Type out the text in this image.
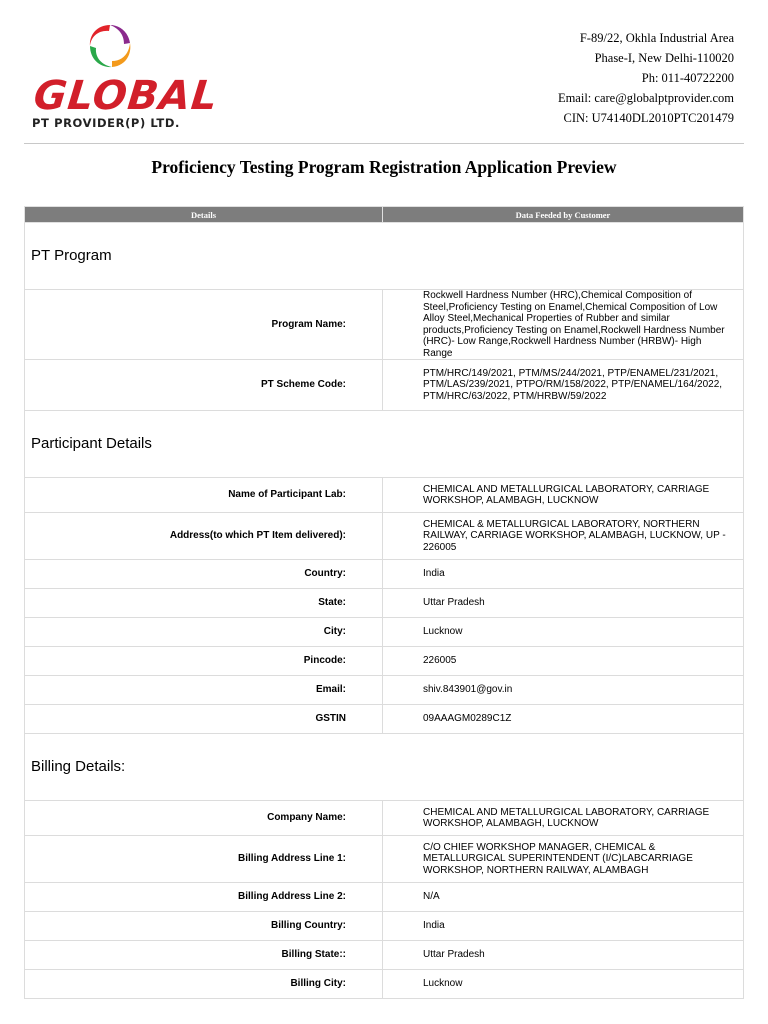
GLOBAL
PT PROVIDER(P) LTD.
F-89/22, Okhla Industrial Area
Phase-I, New Delhi-110020
Ph: 011-40722200
Email: care@globalptprovider.com
CIN: U74140DL2010PTC201479
Proficiency Testing Program Registration Application Preview
Details	Data Feeded by Customer
PT Program	
Program Name:	Rockwell Hardness Number (HRC),Chemical Composition of Steel,Proficiency Testing on Enamel,Chemical Composition of Low Alloy Steel,Mechanical Properties of Rubber and similar products,Proficiency Testing on Enamel,Rockwell Hardness Number (HRC)- Low Range,Rockwell Hardness Number (HRBW)- High Range
PT Scheme Code:	PTM/HRC/149/2021, PTM/MS/244/2021, PTP/ENAMEL/231/2021, PTM/LAS/239/2021, PTPO/RM/158/2022, PTP/ENAMEL/164/2022, PTM/HRC/63/2022, PTM/HRBW/59/2022
Participant Details	
Name of Participant Lab:	CHEMICAL AND METALLURGICAL LABORATORY, CARRIAGE WORKSHOP, ALAMBAGH, LUCKNOW
Address(to which PT Item delivered):	CHEMICAL & METALLURGICAL LABORATORY, NORTHERN RAILWAY, CARRIAGE WORKSHOP, ALAMBAGH, LUCKNOW, UP - 226005
Country:	India
State:	Uttar Pradesh
City:	Lucknow
Pincode:	226005
Email:	shiv.843901@gov.in
GSTIN	09AAAGM0289C1Z
Billing Details:	
Company Name:	CHEMICAL AND METALLURGICAL LABORATORY, CARRIAGE WORKSHOP, ALAMBAGH, LUCKNOW
Billing Address Line 1:	C/O CHIEF WORKSHOP MANAGER, CHEMICAL & METALLURGICAL SUPERINTENDENT (I/C)LABCARRIAGE WORKSHOP, NORTHERN RAILWAY, ALAMBAGH
Billing Address Line 2:	N/A
Billing Country:	India
Billing State::	Uttar Pradesh
Billing City:	Lucknow
